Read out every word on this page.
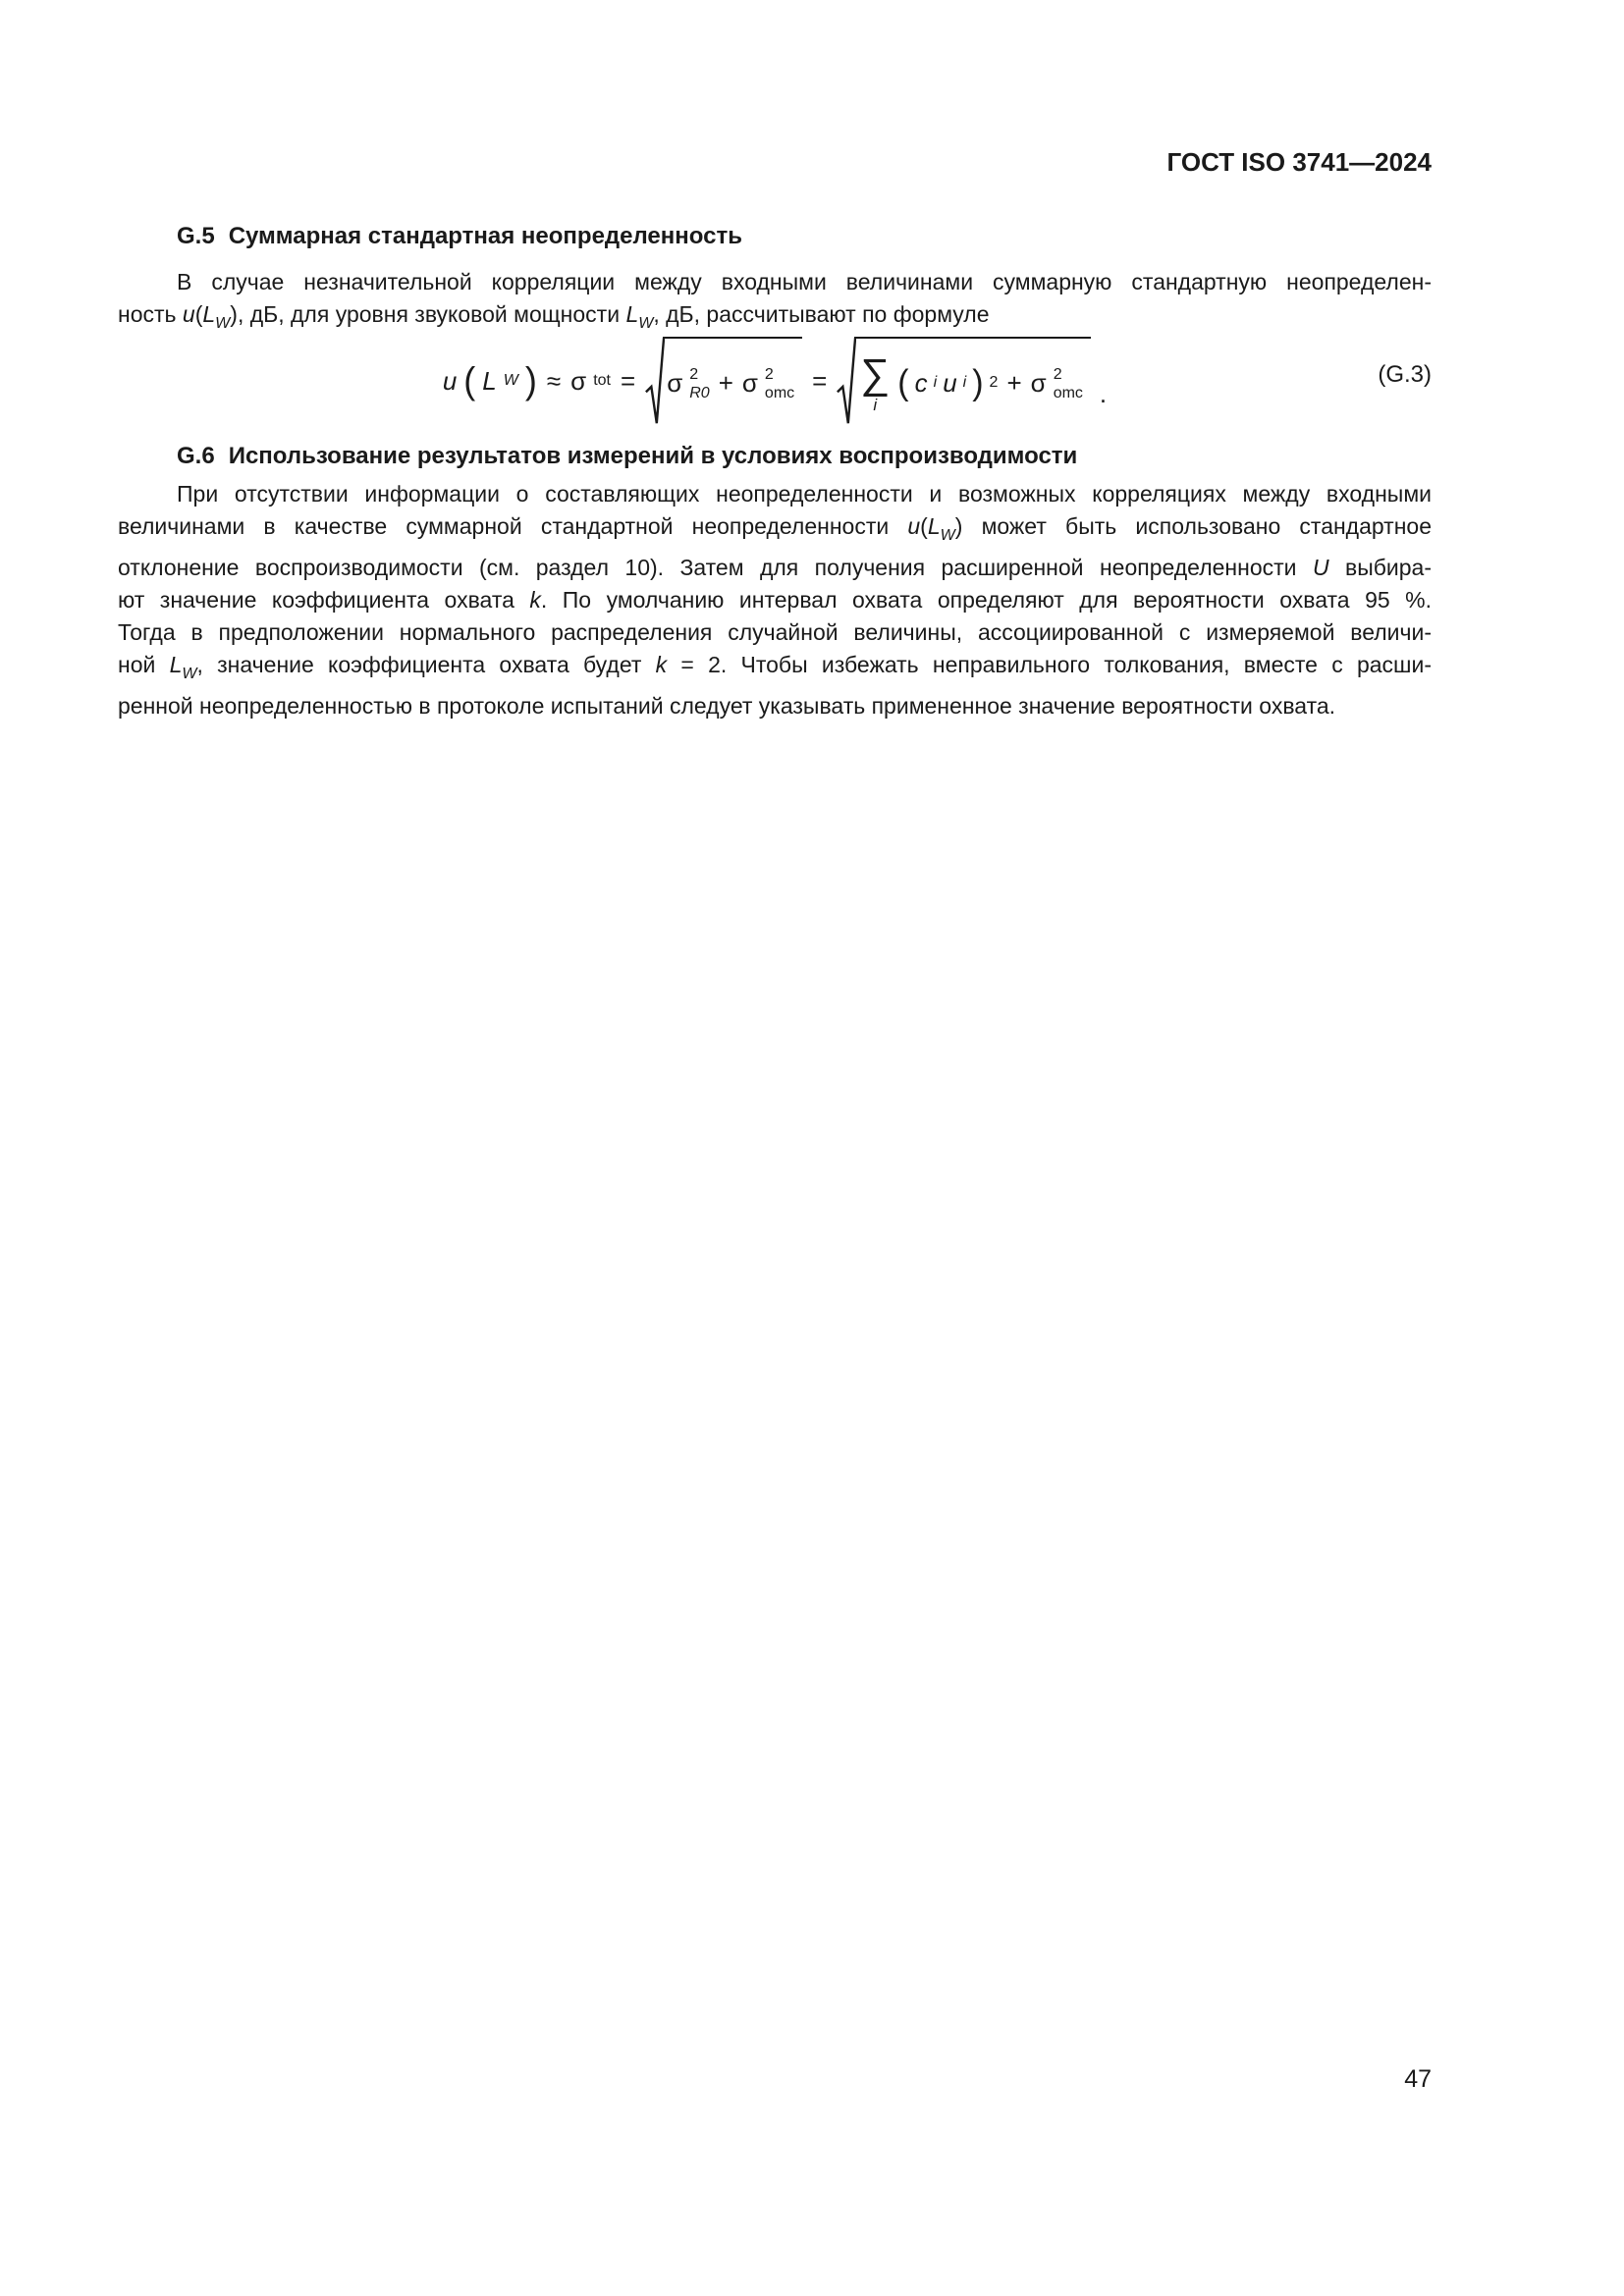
ГОСТ ISO 3741—2024
G.5 Суммарная стандартная неопределенность
В случае незначительной корреляции между входными величинами суммарную стандартную неопределен-
ность $u(L_W)$, дБ, для уровня звуковой мощности $L_W$, дБ, рассчитывают по формуле
u ( L W ) ≈ σ tot = σ 2
R0 + σ 2
omc = ∑
i
( c i u i ) 2 + σ 2
omc .
(G.3)
G.6 Использование результатов измерений в условиях воспроизводимости
При отсутствии информации о составляющих неопределенности и возможных корреляциях между входными
величинами в качестве суммарной стандартной неопределенности $u(L_W)$ может быть использовано стандартное
отклонение воспроизводимости (см. раздел 10). Затем для получения расширенной неопределенности U выбира-
ют значение коэффициента охвата k. По умолчанию интервал охвата определяют для вероятности охвата 95 %.
Тогда в предположении нормального распределения случайной величины, ассоциированной с измеряемой величи-
ной $L_W$, значение коэффициента охвата будет k = 2. Чтобы избежать неправильного толкования, вместе с расши-
ренной неопределенностью в протоколе испытаний следует указывать примененное значение вероятности охвата.
47
